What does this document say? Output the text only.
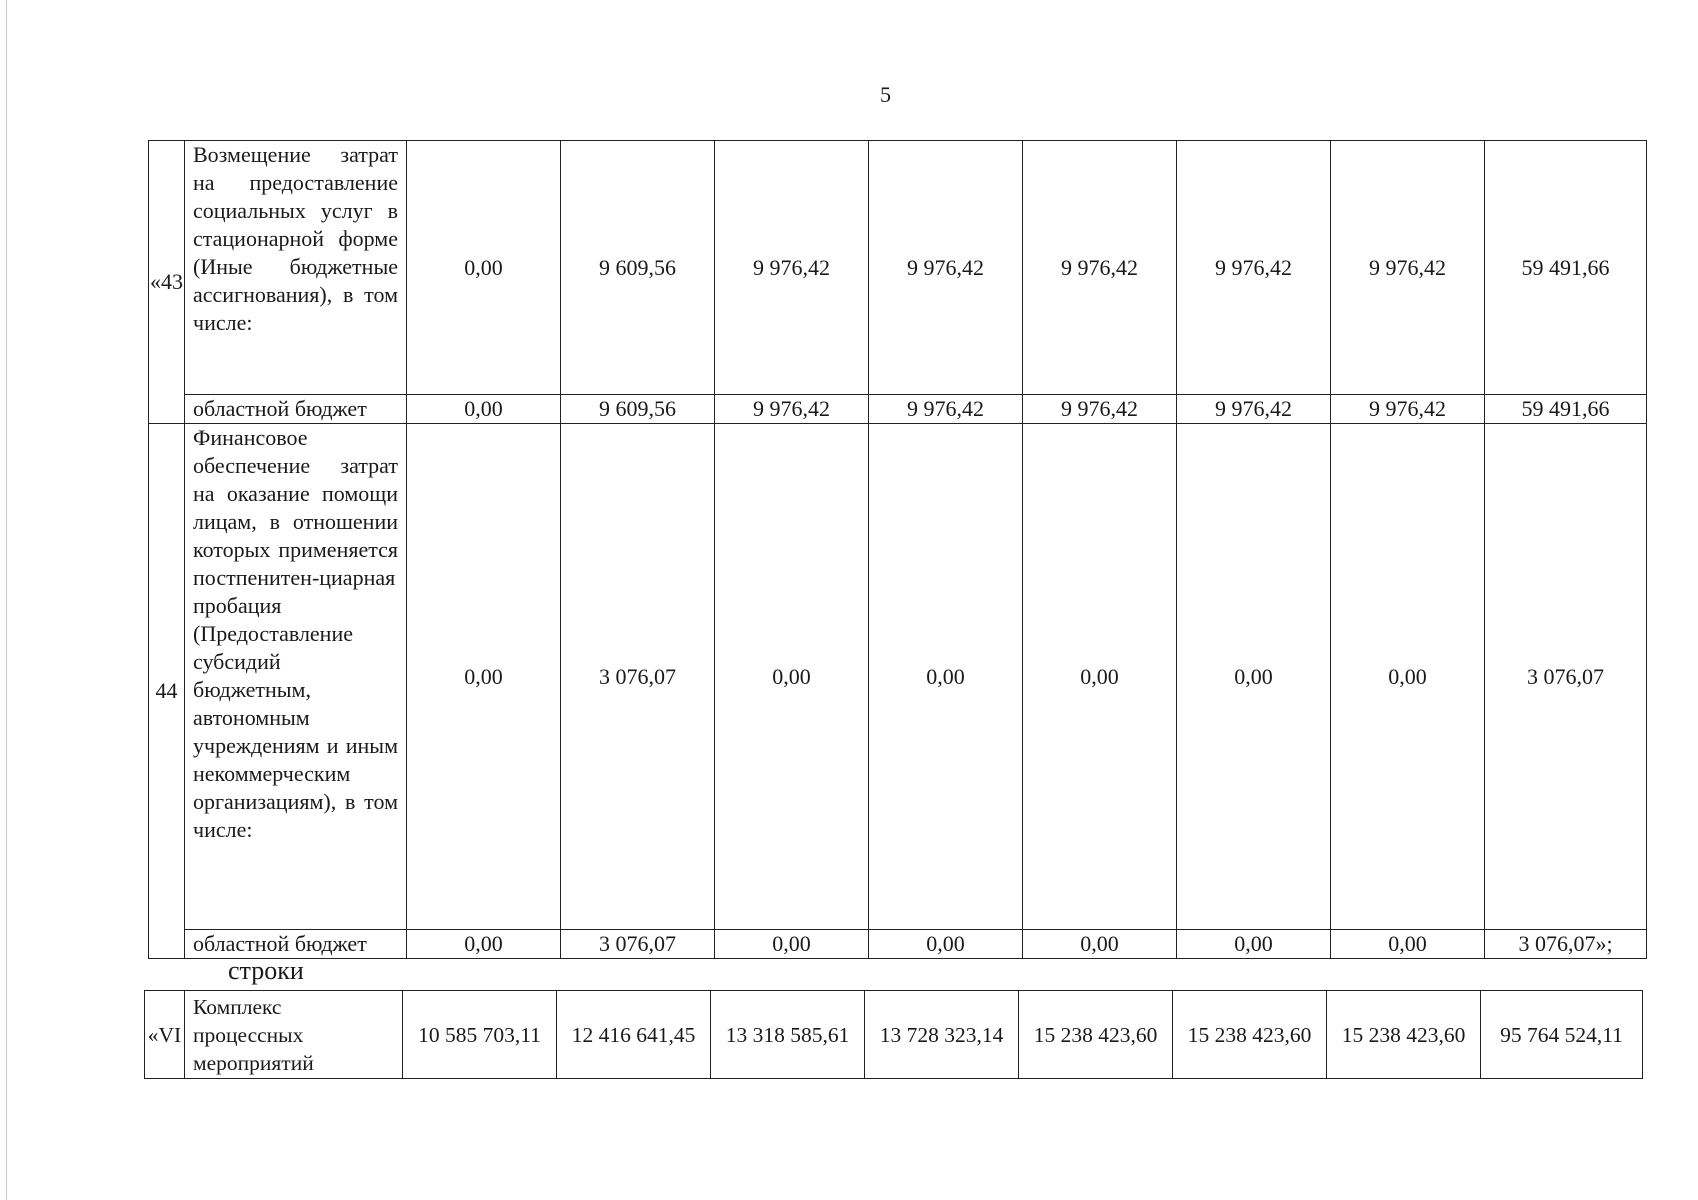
5
«43	Возмещение затрат на предоставление социальных услуг в стационарной форме (Иные бюджетные ассигнования), в том числе:	0,00	9 609,56	9 976,42	9 976,42	9 976,42	9 976,42	9 976,42	59 491,66
	областной бюджет	0,00	9 609,56	9 976,42	9 976,42	9 976,42	9 976,42	9 976,42	59 491,66
44	Финансовое обеспечение затрат на оказание помощи лицам, в отношении которых применяется постпенитен-циарная пробация (Предоставление субсидий бюджетным, автономным учреждениям и иным некоммерческим организациям), в том числе:	0,00	3 076,07	0,00	0,00	0,00	0,00	0,00	3 076,07
	областной бюджет	0,00	3 076,07	0,00	0,00	0,00	0,00	0,00	3 076,07»;
строки
«VI	Комплекс процессных мероприятий	10 585 703,11	12 416 641,45	13 318 585,61	13 728 323,14	15 238 423,60	15 238 423,60	15 238 423,60	95 764 524,11
